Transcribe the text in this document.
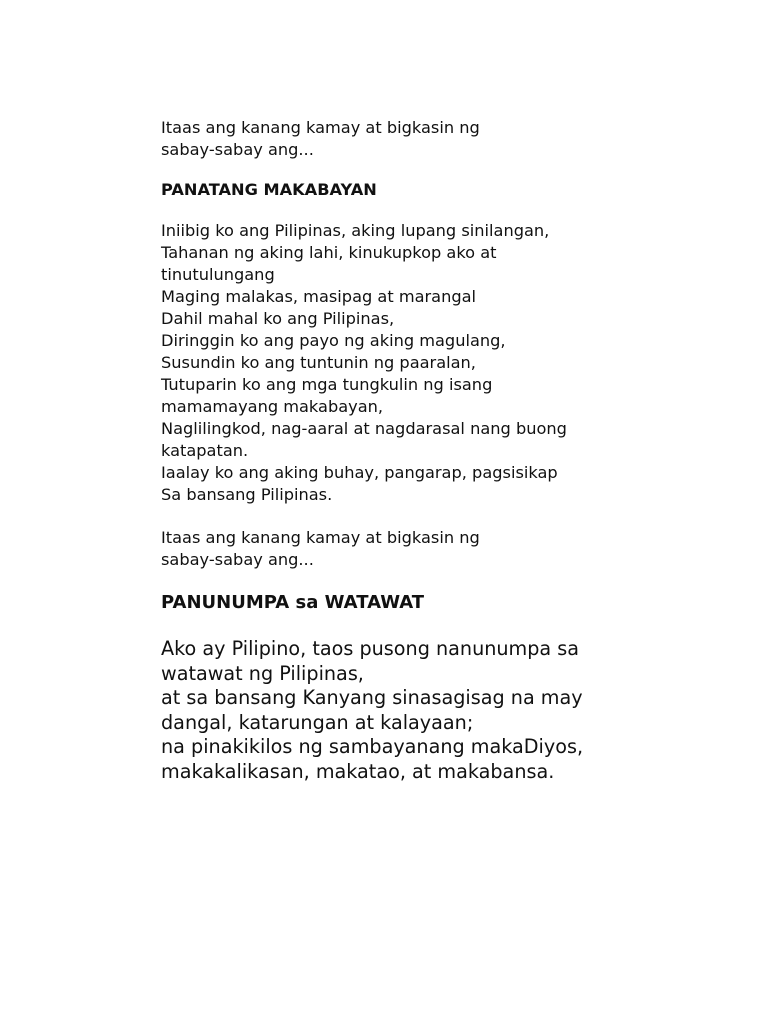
Itaas ang kanang kamay at bigkasin ng
sabay-sabay ang...
PANATANG MAKABAYAN
Iniibig ko ang Pilipinas, aking lupang sinilangan,
Tahanan ng aking lahi, kinukupkop ako at
tinutulungang
Maging malakas, masipag at marangal
Dahil mahal ko ang Pilipinas,
Diringgin ko ang payo ng aking magulang,
Susundin ko ang tuntunin ng paaralan,
Tutuparin ko ang mga tungkulin ng isang
mamamayang makabayan,
Naglilingkod, nag-aaral at nagdarasal nang buong
katapatan.
Iaalay ko ang aking buhay, pangarap, pagsisikap
Sa bansang Pilipinas.
Itaas ang kanang kamay at bigkasin ng
sabay-sabay ang...
PANUNUMPA sa WATAWAT
Ako ay Pilipino, taos pusong nanunumpa sa
watawat ng Pilipinas,
at sa bansang Kanyang sinasagisag na may
dangal, katarungan at kalayaan;
na pinakikilos ng sambayanang makaDiyos,
makakalikasan, makatao, at makabansa.
